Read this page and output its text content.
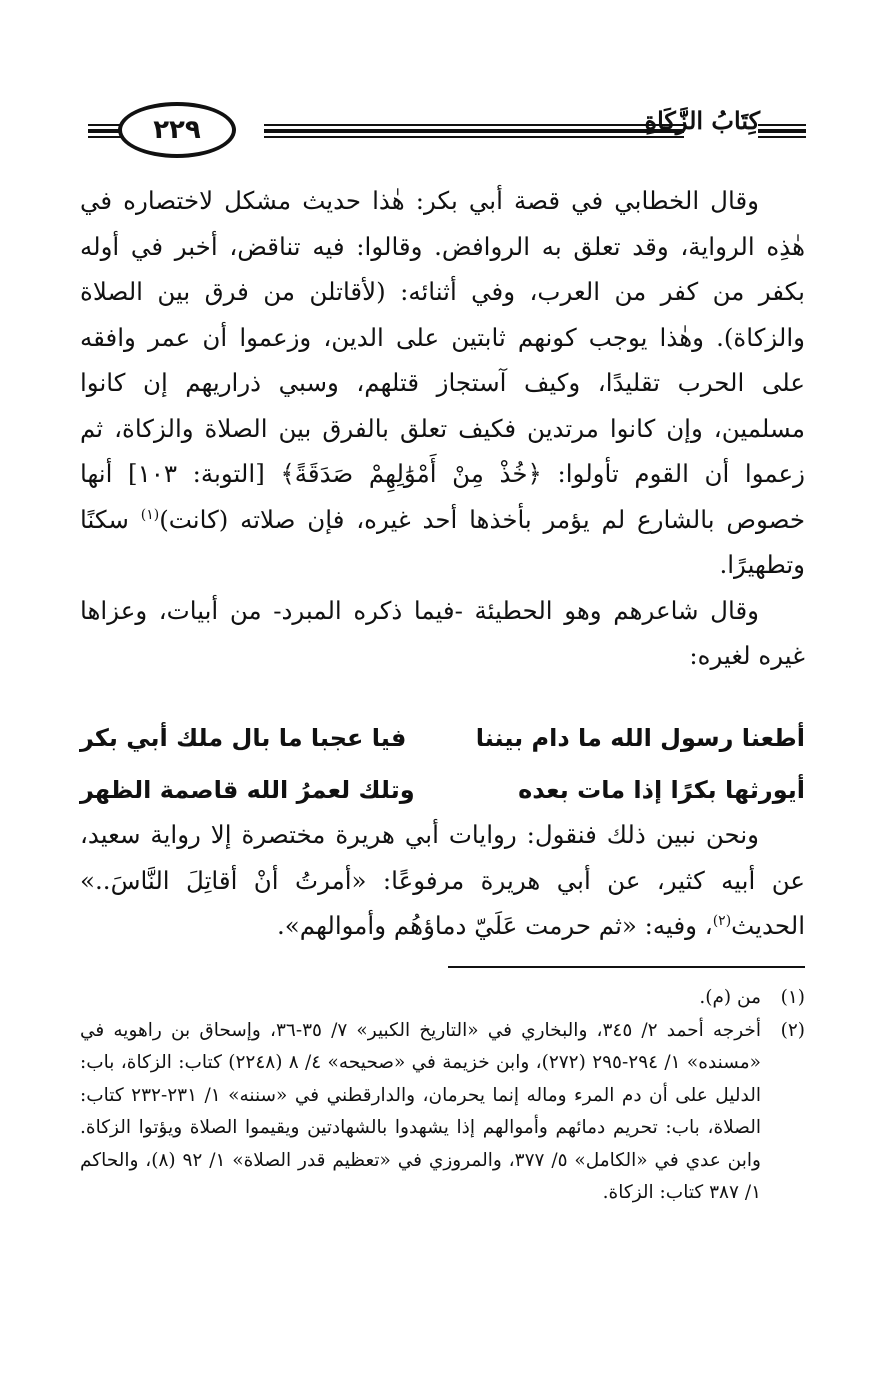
٢٢٩	كِتَابُ الزَّكَاةِ

وقال الخطابي في قصة أبي بكر: هٰذا حديث مشكل لاختصاره في هٰذِه الرواية، وقد تعلق به الروافض. وقالوا: فيه تناقض، أخبر في أوله بكفر من كفر من العرب، وفي أثنائه: (لأقاتلن من فرق بين الصلاة والزكاة). وهٰذا يوجب كونهم ثابتين على الدين، وزعموا أن عمر وافقه على الحرب تقليدًا، وكيف آستجاز قتلهم، وسبي ذراريهم إن كانوا مسلمين، وإن كانوا مرتدين فكيف تعلق بالفرق بين الصلاة والزكاة، ثم زعموا أن القوم تأولوا: ﴿خُذْ مِنْ أَمْوَٰلِهِمْ صَدَقَةً﴾ [التوبة: ١٠٣] أنها خصوص بالشارع لم يؤمر بأخذها أحد غيره، فإن صلاته (كانت)$^{(١)}$ سكنًا وتطهيرًا.

وقال شاعرهم وهو الحطيئة -فيما ذكره المبرد- من أبيات، وعزاها غيره لغيره:

أطعنا رسول الله ما دام بيننا
فيا عجبا ما بال ملك أبي بكر
أيورثها بكرًا إذا مات بعده
وتلك لعمرُ الله قاصمة الظهر

ونحن نبين ذلك فنقول: روايات أبي هريرة مختصرة إلا رواية سعيد، عن أبيه كثير، عن أبي هريرة مرفوعًا: «أمرتُ أنْ أقاتِلَ النَّاسَ..» الحديث$^{(٢)}$، وفيه: «ثم حرمت عَلَيّ دماؤهُم وأموالهم».

(١)
من (م).
(٢)
أخرجه أحمد ٢/ ٣٤٥، والبخاري في «التاريخ الكبير» ٧/ ٣٥-٣٦، وإسحاق بن راهويه في «مسنده» ١/ ٢٩٤-٢٩٥ (٢٧٢)، وابن خزيمة في «صحيحه» ٤/ ٨ (٢٢٤٨) كتاب: الزكاة، باب: الدليل على أن دم المرء وماله إنما يحرمان، والدارقطني في «سننه» ١/ ٢٣١-٢٣٢ كتاب: الصلاة، باب: تحريم دمائهم وأموالهم إذا يشهدوا بالشهادتين ويقيموا الصلاة ويؤتوا الزكاة. وابن عدي في «الكامل» ٥/ ٣٧٧، والمروزي في «تعظيم قدر الصلاة» ١/ ٩٢ (٨)، والحاكم ١/ ٣٨٧ كتاب: الزكاة.
